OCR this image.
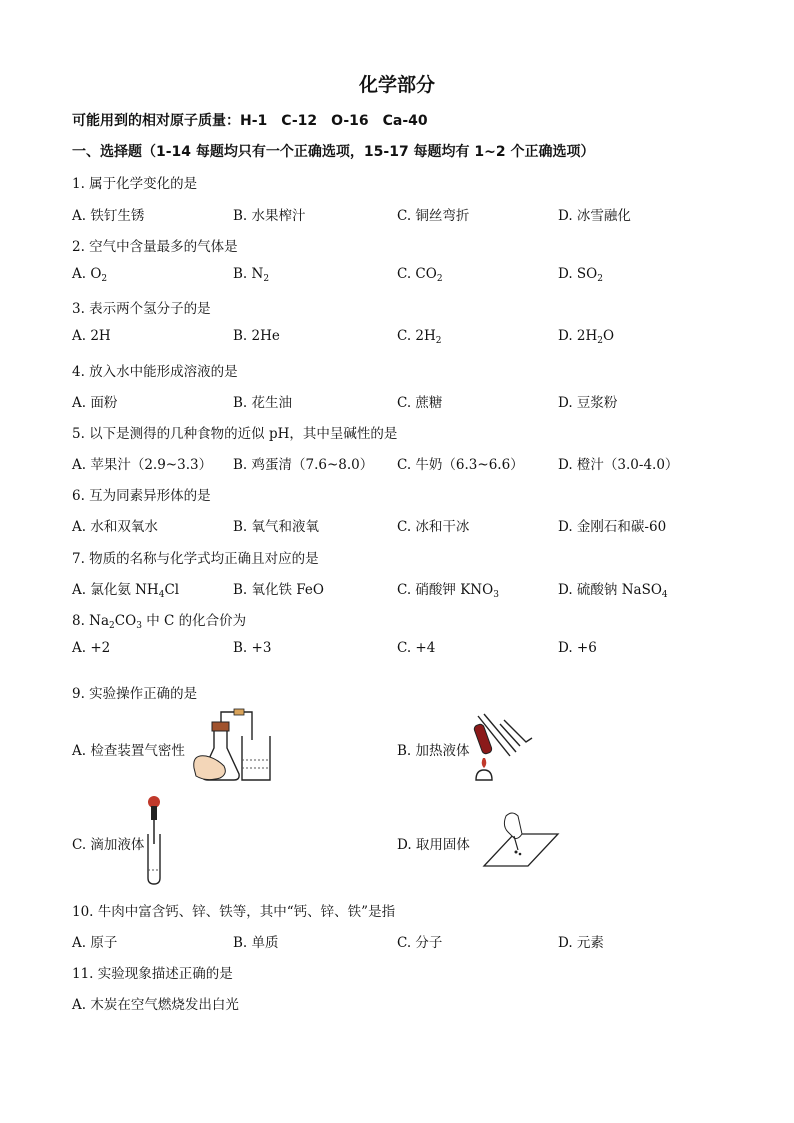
化学部分
可能用到的相对原子质量：H-1　C-12　O-16　Ca-40
一、选择题（1-14 每题均只有一个正确选项，15-17 每题均有 1~2 个正确选项）
1. 属于化学变化的是
A. 铁钉生锈	B. 水果榨汁	C. 铜丝弯折	D. 冰雪融化
2. 空气中含量最多的气体是
A. $O_2$	B. $N_2$	C. $CO_2$	D. $SO_2$
3. 表示两个氢分子的是
A. 2H	B. 2He	C. $2H_2$	D. $2H_2O$
4. 放入水中能形成溶液的是
A. 面粉	B. 花生油	C. 蔗糖	D. 豆浆粉
5. 以下是测得的几种食物的近似 pH，其中呈碱性的是
A. 苹果汁（2.9~3.3） B. 鸡蛋清（7.6~8.0） C. 牛奶（6.3~6.6）	D. 橙汁（3.0-4.0）
6. 互为同素异形体的是
A. 水和双氧水	B. 氧气和液氧	C. 冰和干冰	D. 金刚石和碳-60
7. 物质的名称与化学式均正确且对应的是
A. 氯化氨 $NH_4Cl$	B. 氧化铁 FeO	C. 硝酸钾 $KNO_3$	D. 硫酸钠 NaSO$_4$
8. $Na_2CO_3$ 中 C 的化合价为
A. +2	B. +3	C. +4	D. +6
9. 实验操作正确的是
A. 检查装置气密性	B. 加热液体
C. 滴加液体	D. 取用固体
10. 牛肉中富含钙、锌、铁等，其中“钙、锌、铁”是指
A. 原子	B. 单质	C. 分子	D. 元素
11. 实验现象描述正确的是
A. 木炭在空气燃烧发出白光
